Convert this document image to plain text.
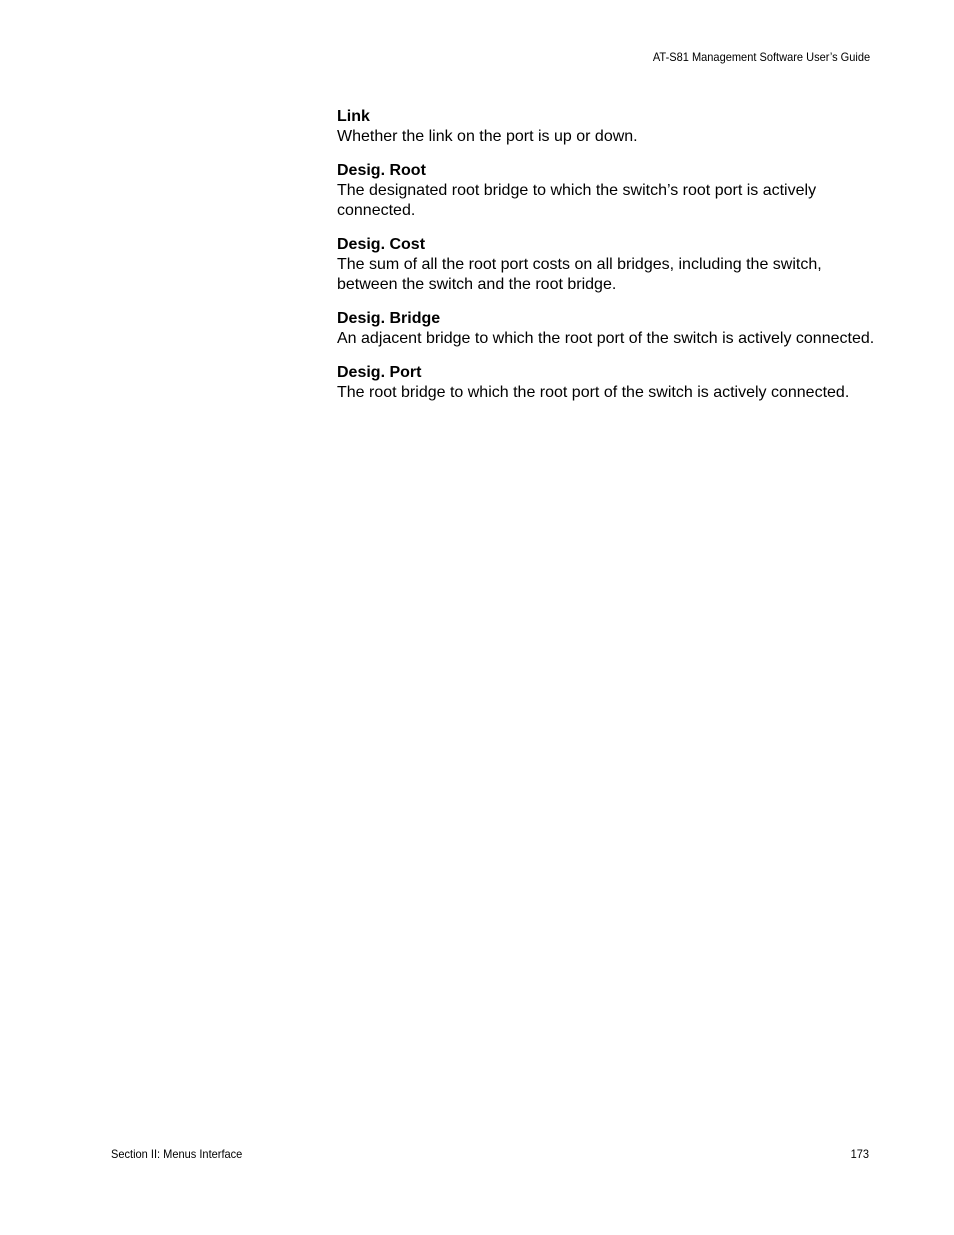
AT-S81 Management Software User’s Guide
Link
Whether the link on the port is up or down.
Desig. Root
The designated root bridge to which the switch’s root port is actively connected.
Desig. Cost
The sum of all the root port costs on all bridges, including the switch, between the switch and the root bridge.
Desig. Bridge
An adjacent bridge to which the root port of the switch is actively connected.
Desig. Port
The root bridge to which the root port of the switch is actively connected.
Section II: Menus Interface	173
